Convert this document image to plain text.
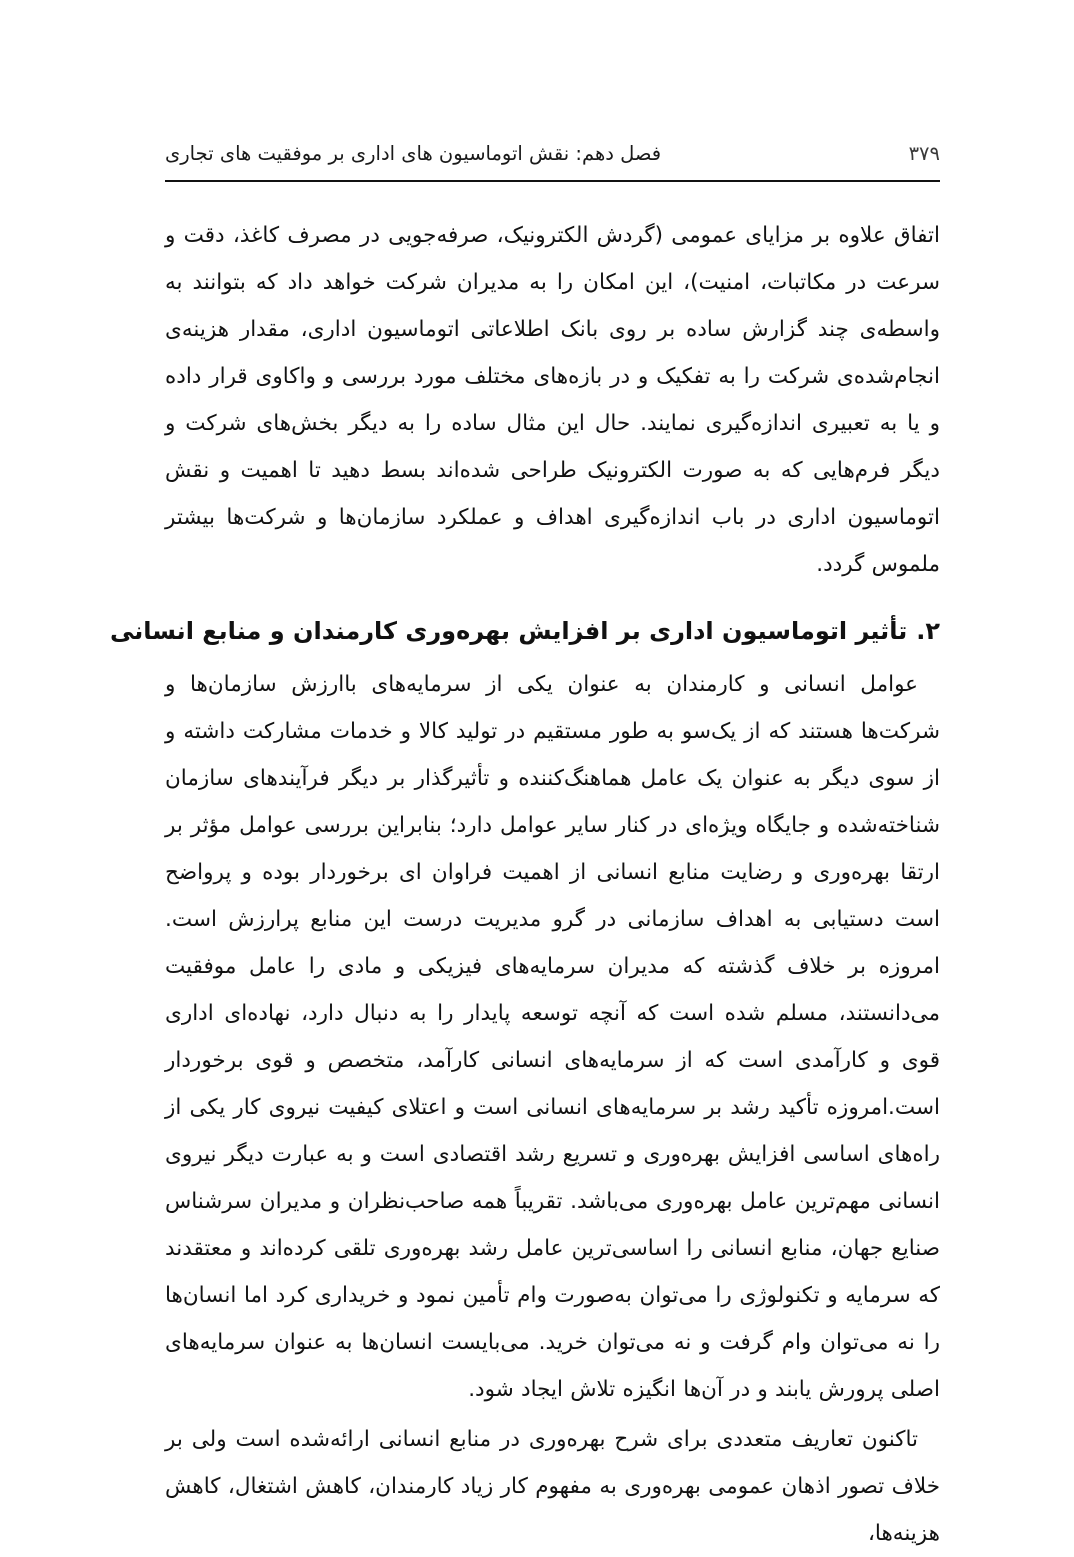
فصل دهم: نقش اتوماسیون های اداری بر موفقیت های تجاری	۳۷۹

اتفاق علاوه بر مزایای عمومی (گردش الکترونیک، صرفه‌جویی در مصرف کاغذ، دقت و سرعت در مکاتبات، امنیت)، این امکان را به مدیران شرکت خواهد داد که بتوانند به واسطه‌ی چند گزارش ساده بر روی بانک اطلاعاتی اتوماسیون اداری، مقدار هزینه‌ی انجام‌شده‌ی شرکت را به تفکیک و در بازه‌های مختلف مورد بررسی و واکاوی قرار داده و یا به تعبیری اندازه‌گیری نمایند. حال این مثال ساده را به دیگر بخش‌های شرکت و دیگر فرم‌هایی که به صورت الکترونیک طراحی شده‌اند بسط دهید تا اهمیت و نقش اتوماسیون اداری در باب اندازه‌گیری اهداف و عملکرد سازمان‌ها و شرکت‌ها بیشتر ملموس گردد.

۲.تأثیر اتوماسیون اداری بر افزایش بهره‌وری کارمندان و منابع انسانی

عوامل انسانی و کارمندان به عنوان یکی از سرمایه‌های باارزش سازمان‌ها و شرکت‌ها هستند که از یک‌سو به طور مستقیم در تولید کالا و خدمات مشارکت داشته و از سوی دیگر به عنوان یک عامل هماهنگ‌کننده و تأثیرگذار بر دیگر فرآیندهای سازمان شناخته‌شده و جایگاه ویژه‌ای در کنار سایر عوامل دارد؛ بنابراین بررسی عوامل مؤثر بر ارتقا بهره‌وری و رضایت منابع انسانی از اهمیت فراوان ای برخوردار بوده و پرواضح است دستیابی به اهداف سازمانی در گرو مدیریت درست این منابع پرارزش است. امروزه بر خلاف گذشته که مدیران سرمایه‌های فیزیکی و مادی را عامل موفقیت می‌دانستند، مسلم شده است که آنچه توسعه پایدار را به دنبال دارد، نهاده‌ای اداری قوی و کارآمدی است که از سرمایه‌های انسانی کارآمد، متخصص و قوی برخوردار است.امروزه تأکید رشد بر سرمایه‌های انسانی است و اعتلای کیفیت نیروی کار یکی از راه‌های اساسی افزایش بهره‌وری و تسریع رشد اقتصادی است و به عبارت دیگر نیروی انسانی مهم‌ترین عامل بهره‌وری می‌باشد. تقریباً همه صاحب‌نظران و مدیران سرشناس صنایع جهان، منابع انسانی را اساسی‌ترین عامل رشد بهره‌وری تلقی کرده‌اند و معتقدند که سرمایه و تکنولوژی را می‌توان به‌صورت وام تأمین نمود و خریداری کرد اما انسان‌ها را نه می‌توان وام گرفت و نه می‌توان خرید. می‌بایست انسان‌ها به عنوان سرمایه‌های اصلی پرورش یابند و در آن‌ها انگیزه تلاش ایجاد شود.

تاکنون تعاریف متعددی برای شرح بهره‌وری در منابع انسانی ارائه‌شده است ولی بر خلاف تصور اذهان عمومی بهره‌وری به مفهوم کار زیاد کارمندان، کاهش اشتغال، کاهش هزینه‌ها،
